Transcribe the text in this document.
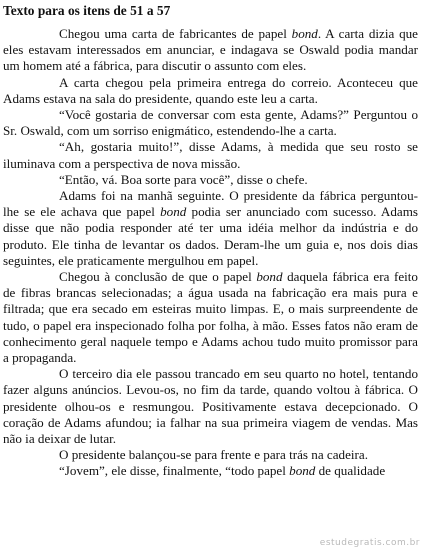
Texto para os itens de 51 a 57

Chegou uma carta de fabricantes de papel bond. A carta dizia que eles estavam interessados em anunciar, e indagava se Oswald podia mandar um homem até a fábrica, para discutir o assunto com eles.

A carta chegou pela primeira entrega do correio. Aconteceu que Adams estava na sala do presidente, quando este leu a carta.

“Você gostaria de conversar com esta gente, Adams?” Perguntou o Sr. Oswald, com um sorriso enigmático, estendendo-lhe a carta.

“Ah, gostaria muito!”, disse Adams, à medida que seu rosto se iluminava com a perspectiva de nova missão.

“Então, vá. Boa sorte para você”, disse o chefe.

Adams foi na manhã seguinte. O presidente da fábrica perguntou-lhe se ele achava que papel bond podia ser anunciado com sucesso. Adams disse que não podia responder até ter uma idéia melhor da indústria e do produto. Ele tinha de levantar os dados. Deram-lhe um guia e, nos dois dias seguintes, ele praticamente mergulhou em papel.

Chegou à conclusão de que o papel bond daquela fábrica era feito de fibras brancas selecionadas; a água usada na fabricação era mais pura e filtrada; que era secado em esteiras muito limpas. E, o mais surpreendente de tudo, o papel era inspecionado folha por folha, à mão. Esses fatos não eram de conhecimento geral naquele tempo e Adams achou tudo muito promissor para a propaganda.

O terceiro dia ele passou trancado em seu quarto no hotel, tentando fazer alguns anúncios. Levou-os, no fim da tarde, quando voltou à fábrica. O presidente olhou-os e resmungou. Positivamente estava decepcionado. O coração de Adams afundou; ia falhar na sua primeira viagem de vendas. Mas não ia deixar de lutar.

O presidente balançou-se para frente e para trás na cadeira.

“Jovem”, ele disse, finalmente, “todo papel bond de qualidade

estudegratis.com.br
